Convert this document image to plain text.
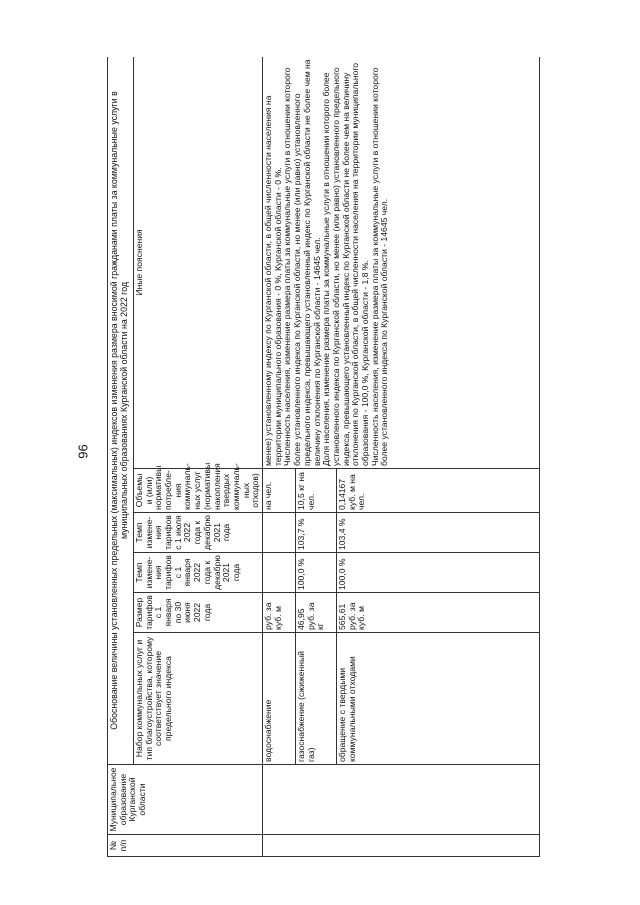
96
№ п/п	Муниципальное образование Курганской области	Обоснование величины установленных предельных (максимальных) индексов изменения размера вносимой гражданами платы за коммунальные услуги в муниципальных образованиях Курганской области на 2022 год					
		Набор коммунальных услуг и тип благоустройства, которому соответствует значение предельного индекса	Размер тарифов с 1 января по 30 июня 2022 года	Темп измене-ния тарифов с 1 января 2022 года к декабрю 2021 года	Темп измене-ния тарифов с 1 июля 2022 года к декабрю 2021 года	Объемы и (или) нормативы потребле-ния коммуналь-ных услуг (нормативы накопления твердых коммуналь-ных отходов)	Иные пояснения
		водоснабжение	руб. за куб. м			на чел.	менее) установленному индексу по Курганской области, в общей численности населения на территории муниципального образования - 0 %, Курганской области - 0 %.
Численность населения, изменение размера платы за коммунальные услуги в отношении которого более установленного индекса по Курганской области, но менее (или равно) установленного предельного индекса, превышающего установленный индекс по Курганской области не более чем на величину отклонения по Курганской области - 14645 чел.
Доля населения, изменение размера платы за коммунальные услуги в отношении которого более установленного индекса по Курганской области, но менее (или равно) установленного предельного индекса, превышающего установленный индекс по Курганской области не более чем на величину отклонения по Курганской области, в общей численности населения на территории муниципального образования - 100,0 %, Курганской области - 1,8 %.
Численность населения, изменение размера платы за коммунальные услуги в отношении которого более установленного индекса по Курганской области - 14645 чел.
		газоснабжение (сжиженный газ)	46,95 руб. за кг	100,0 %	103,7 %	10,5 кг на чел.	
		обращение с твердыми коммунальными отходами	565,61 руб. за куб. м	100,0 %	103,4 %	0,14167 куб. м на чел.	
